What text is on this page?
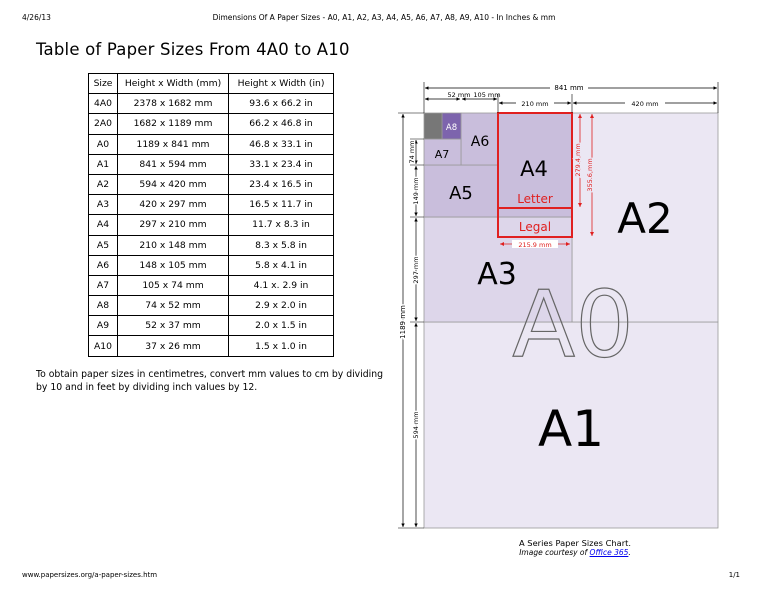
4/26/13	Dimensions Of A Paper Sizes - A0, A1, A2, A3, A4, A5, A6, A7, A8, A9, A10 - In Inches & mm
Table of Paper Sizes From 4A0 to A10
Size	Height x Width (mm)	Height x Width (in)
4A0	2378 x 1682 mm	93.6 x 66.2 in
2A0	1682 x 1189 mm	66.2 x 46.8 in
A0	1189 x 841 mm	46.8 x 33.1 in
A1	841 x 594 mm	33.1 x 23.4 in
A2	594 x 420 mm	23.4 x 16.5 in
A3	420 x 297 mm	16.5 x 11.7 in
A4	297 x 210 mm	11.7 x 8.3 in
A5	210 x 148 mm	8.3 x 5.8 in
A6	148 x 105 mm	5.8 x 4.1 in
A7	105 x 74 mm	4.1 x. 2.9 in
A8	74 x 52 mm	2.9 x 2.0 in
A9	52 x 37 mm	2.0 x 1.5 in
A10	37 x 26 mm	1.5 x 1.0 in
To obtain paper sizes in centimetres, convert mm values to cm by dividing by 10 and in feet by dividing inch values by 12.
A0
A1
A2
A3
A4
A5
A6
A7
A8
Letter
Legal
215.9 mm
279.4 mm 355.6 mm
841 mm
52 mm 105 mm
210 mm	420 mm
1189 mm
74 mm
149 mm
297 mm
594 mm
A Series Paper Sizes Chart.
Image courtesy of Office 365.
www.papersizes.org/a-paper-sizes.htm	1/1
